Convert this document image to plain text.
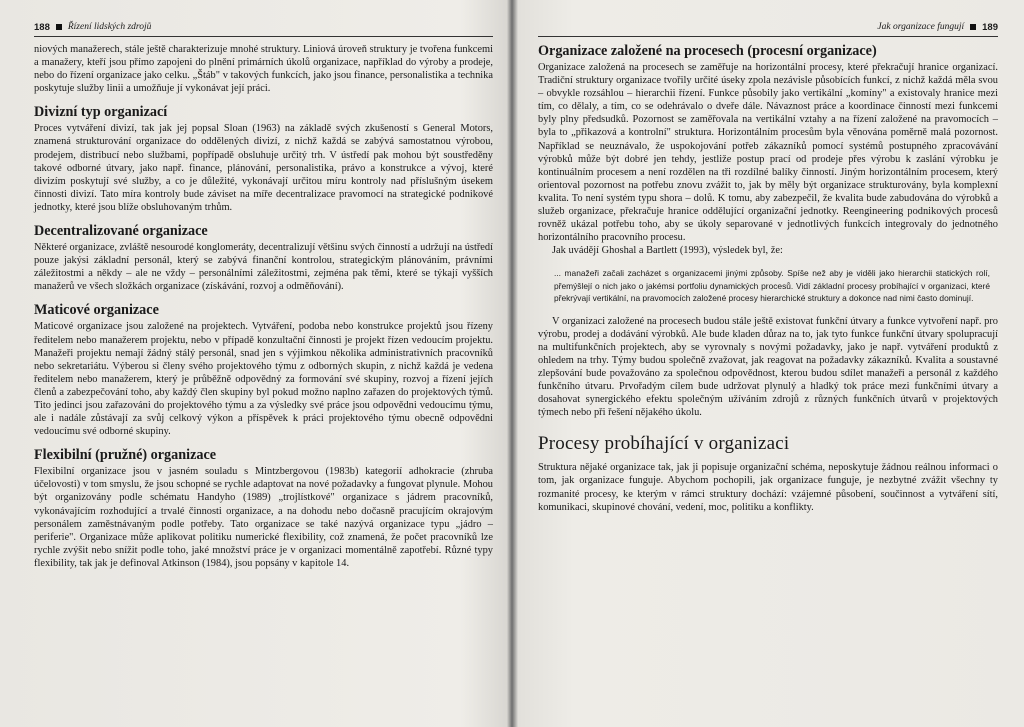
188 Řízení lidských zdrojů

niových manažerech, stále ještě charakterizuje mnohé struktury. Liniová úroveň struktury je tvořena funkcemi a manažery, kteří jsou přímo zapojeni do plnění primárních úkolů organizace, například do výroby a prodeje, nebo do řízení organizace jako celku. „Štáb" v takových funkcích, jako jsou finance, personalistika a technika poskytuje služby linii a umožňuje jí vykonávat její práci.

Divizní typ organizací

Proces vytváření divizí, tak jak jej popsal Sloan (1963) na základě svých zkušeností s General Motors, znamená strukturování organizace do oddělených divizí, z nichž každá se zabývá samostatnou výrobou, prodejem, distribucí nebo službami, popřípadě obsluhuje určitý trh. V ústředí pak mohou být soustředěny takové odborné útvary, jako např. finance, plánování, personalistika, právo a konstrukce a vývoj, které divizím poskytují své služby, a co je důležité, vykonávají určitou míru kontroly nad příslušným úsekem činnosti divizí. Tato míra kontroly bude záviset na míře decentralizace pravomocí na strategické podnikové jednotky, které jsou blíže obsluhovaným trhům.

Decentralizované organizace

Některé organizace, zvláště nesourodé konglomeráty, decentralizují většinu svých činností a udržují na ústředí pouze jakýsi základní personál, který se zabývá finanční kontrolou, strategickým plánováním, právními záležitostmi a někdy – ale ne vždy – personálními záležitostmi, zejména pak těmi, které se týkají vyšších manažerů ve všech složkách organizace (získávání, rozvoj a odměňování).

Maticové organizace

Maticové organizace jsou založené na projektech. Vytváření, podoba nebo konstrukce projektů jsou řízeny ředitelem nebo manažerem projektu, nebo v případě konzultační činnosti je projekt řízen vedoucím projektu. Manažeři projektu nemají žádný stálý personál, snad jen s výjimkou několika administrativních pracovníků nebo sekretariátu. Výberou si členy svého projektového týmu z odborných skupin, z nichž každá je vedena ředitelem nebo manažerem, který je průběžně odpovědný za formování své skupiny, rozvoj a řízení jejích členů a zabezpečování toho, aby každý člen skupiny byl pokud možno naplno zařazen do projektových týmů. Tito jedinci jsou zařazováni do projektového týmu a za výsledky své práce jsou odpovědni vedoucímu týmu, ale i nadále zůstávají za svůj celkový výkon a příspěvek k práci projektového týmu obecně odpovědni vedoucímu své odborné skupiny.

Flexibilní (pružné) organizace

Flexibilní organizace jsou v jasném souladu s Mintzbergovou (1983b) kategorií adhokracie (zhruba účelovosti) v tom smyslu, že jsou schopné se rychle adaptovat na nové požadavky a fungovat plynule. Mohou být organizovány podle schématu Handyho (1989) „trojlístkové" organizace s jádrem pracovníků, vykonávajícím rozhodující a trvalé činnosti organizace, a na dohodu nebo dočasně pracujícím okrajovým personálem zaměstnávaným podle potřeby. Tato organizace se také nazývá organizace typu „jádro – periferie". Organizace může aplikovat politiku numerické flexibility, což znamená, že počet pracovníků lze rychle zvýšit nebo snížit podle toho, jaké množství práce je v organizaci momentálně zapotřebí. Různé typy flexibility, tak jak je definoval Atkinson (1984), jsou popsány v kapitole 14.

Jak organizace fungují 189
Organizace založené na procesech (procesní organizace)

Organizace založená na procesech se zaměřuje na horizontální procesy, které překračují hranice organizací. Tradiční struktury organizace tvořily určité úseky zpola nezávisle působících funkcí, z nichž každá měla svou – obvykle rozsáhlou – hierarchii řízení. Funkce působily jako vertikální „komíny" a existovaly hranice mezi tím, co dělaly, a tím, co se odehrávalo o dveře dále. Návaznost práce a koordinace činností mezi funkcemi byly plny předsudků. Pozornost se zaměřovala na vertikální vztahy a na řízení založené na pravomocích – byla to „přikazová a kontrolní" struktura. Horizontálním procesům byla věnována poměrně malá pozornost. Například se neuznávalo, že uspokojování potřeb zákazníků pomocí systémů postupného zpracovávání výrobků může být dobré jen tehdy, jestliže postup prací od prodeje přes výrobu k zaslání výrobku je kontinuálním procesem a není rozdělen na tři rozdílné balíky činností. Jiným horizontálním procesem, který orientoval pozornost na potřebu znovu zvážit to, jak by měly být organizace strukturovány, byla komplexní kvalita. To není systém typu shora – dolů. K tomu, aby zabezpečil, že kvalita bude zabudována do výrobků a služeb organizace, překračuje hranice oddělující organizační jednotky. Reengineering podnikových procesů rovněž ukázal potřebu toho, aby se úkoly separované v jednotlivých funkcích integrovaly do jednotného horizontálního pracovního procesu.

Jak uvádějí Ghoshal a Bartlett (1993), výsledek byl, že:

... manažeři začali zacházet s organizacemi jinými způsoby. Spíše než aby je viděli jako hierarchii statických rolí, přemýšlejí o nich jako o jakémsi portfoliu dynamických procesů. Vidí základní procesy probíhající v organizaci, které překrývají vertikální, na pravomocích založené procesy hierarchické struktury a dokonce nad nimi často dominují.

V organizaci založené na procesech budou stále ještě existovat funkční útvary a funkce vytvoření např. pro výrobu, prodej a dodávání výrobků. Ale bude kladen důraz na to, jak tyto funkce funkční útvary spolupracují na multifunkčních projektech, aby se vyrovnaly s novými požadavky, jako je např. vytváření produktů z ohledem na trhy. Týmy budou společně zvažovat, jak reagovat na požadavky zákazníků. Kvalita a soustavné zlepšování bude považováno za společnou odpovědnost, kterou budou sdílet manažeři a personál z každého funkčního útvaru. Prvořadým cílem bude udržovat plynulý a hladký tok práce mezi funkčními útvary a dosahovat synergického efektu společným užíváním zdrojů z různých funkčních útvarů v projektových týmech nebo při řešení nějakého úkolu.

Procesy probíhající v organizaci

Struktura nějaké organizace tak, jak ji popisuje organizační schéma, neposkytuje žádnou reálnou informaci o tom, jak organizace funguje. Abychom pochopili, jak organizace funguje, je nezbytné zvážit všechny ty rozmanité procesy, ke kterým v rámci struktury dochází: vzájemné působení, součinnost a vytváření sítí, komunikaci, skupinové chování, vedení, moc, politiku a konflikty.
